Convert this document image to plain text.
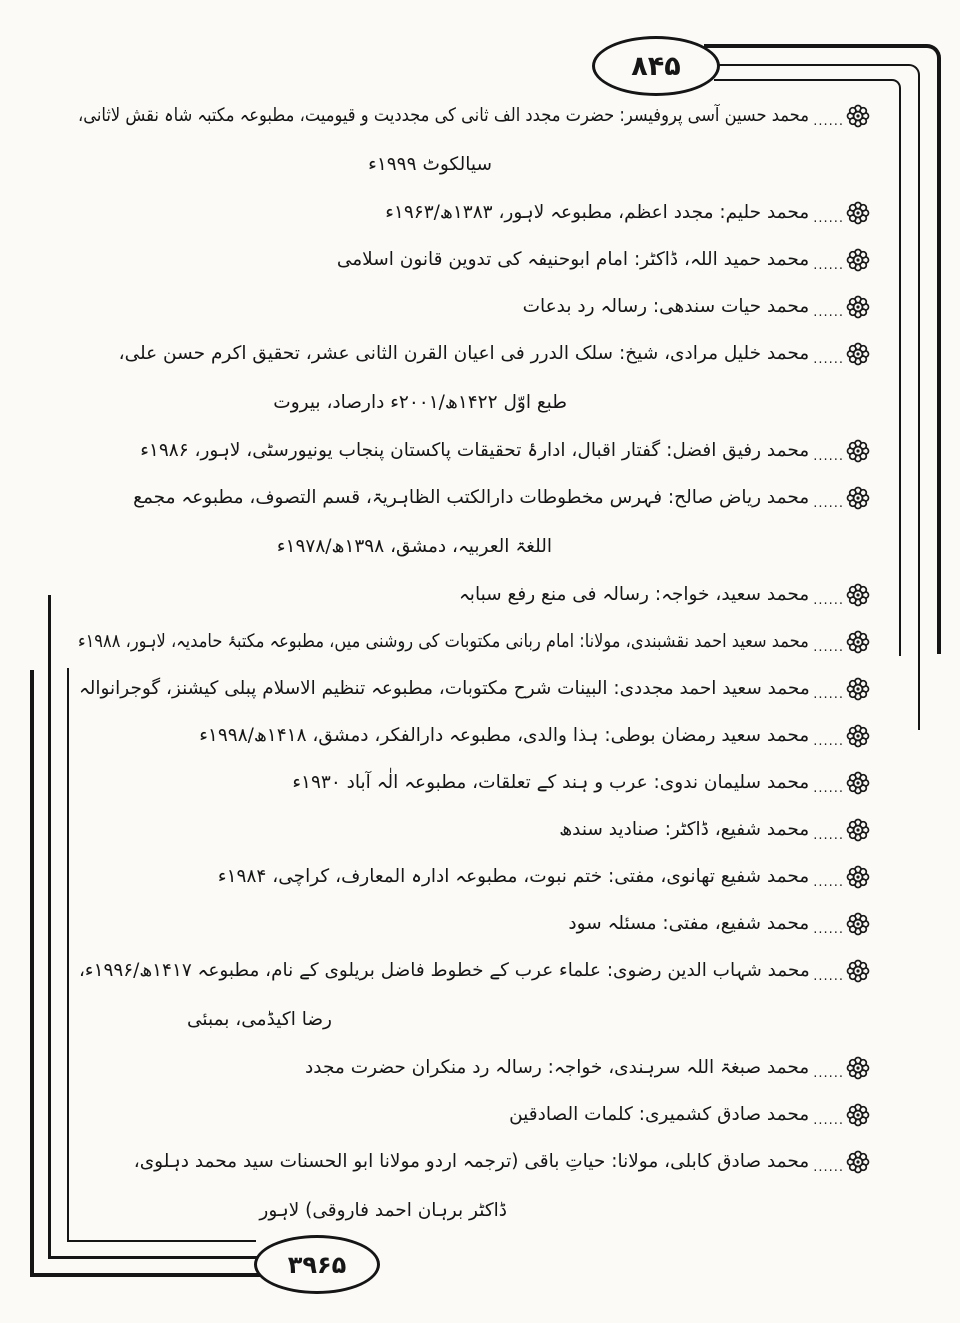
۸۴۵
۳۹۶۵
......
محمد حسین آسی پروفیسر: حضرت مجدد الف ثانی کی مجددیت و قیومیت، مطبوعہ مکتبہ شاہ نقش لاثانی،
سیالکوٹ ۱۹۹۹ء
......
محمد حلیم: مجدد اعظم، مطبوعہ لاہور، ۱۳۸۳ھ/۱۹۶۳ء
......
محمد حمید اللہ، ڈاکٹر: امام ابوحنیفہ کی تدوین قانون اسلامی
......
محمد حیات سندھی: رسالہ رد بدعات
......
محمد خلیل مرادی، شیخ: سلک الدرر فی اعیان القرن الثانی عشر، تحقیق اکرم حسن علی،
طبع اوّل ۱۴۲۲ھ/۲۰۰۱ء دارصاد، بیروت
......
محمد رفیق افضل: گفتار اقبال، ادارۂ تحقیقات پاکستان پنجاب یونیورسٹی، لاہور، ۱۹۸۶ء
......
محمد ریاض صالح: فہرس مخطوطات دارالکتب الظاہریۃ، قسم التصوف، مطبوعہ مجمع
اللغۃ العربیہ، دمشق، ۱۳۹۸ھ/۱۹۷۸ء
......
محمد سعید، خواجہ: رسالہ فی منع رفع سبابہ
......
محمد سعید احمد نقشبندی، مولانا: امام ربانی مکتوبات کی روشنی میں، مطبوعہ مکتبۂ حامدیہ، لاہور، ۱۹۸۸ء
......
محمد سعید احمد مجددی: البینات شرح مکتوبات، مطبوعہ تنظیم الاسلام پبلی کیشنز، گوجرانوالہ
......
محمد سعید رمضان بوطی: ہذا والدی، مطبوعہ دارالفکر، دمشق، ۱۴۱۸ھ/۱۹۹۸ء
......
محمد سلیمان ندوی: عرب و ہند کے تعلقات، مطبوعہ الٰہ آباد ۱۹۳۰ء
......
محمد شفیع، ڈاکٹر: صنادید سندھ
......
محمد شفیع تھانوی، مفتی: ختم نبوت، مطبوعہ ادارہ المعارف، کراچی، ۱۹۸۴ء
......
محمد شفیع، مفتی: مسئلہ سود
......
محمد شہاب الدین رضوی: علماء عرب کے خطوط فاضل بریلوی کے نام، مطبوعہ ۱۴۱۷ھ/۱۹۹۶ء،
رضا اکیڈمی، بمبئی
......
محمد صبغۃ اللہ سرہندی، خواجہ: رسالہ رد منکران حضرت مجدد
......
محمد صادق کشمیری: کلمات الصادقین
......
محمد صادق کابلی، مولانا: حیاتِ باقی (ترجمہ اردو مولانا ابو الحسنات سید محمد دہلوی،
ڈاکٹر برہان احمد فاروقی) لاہور
